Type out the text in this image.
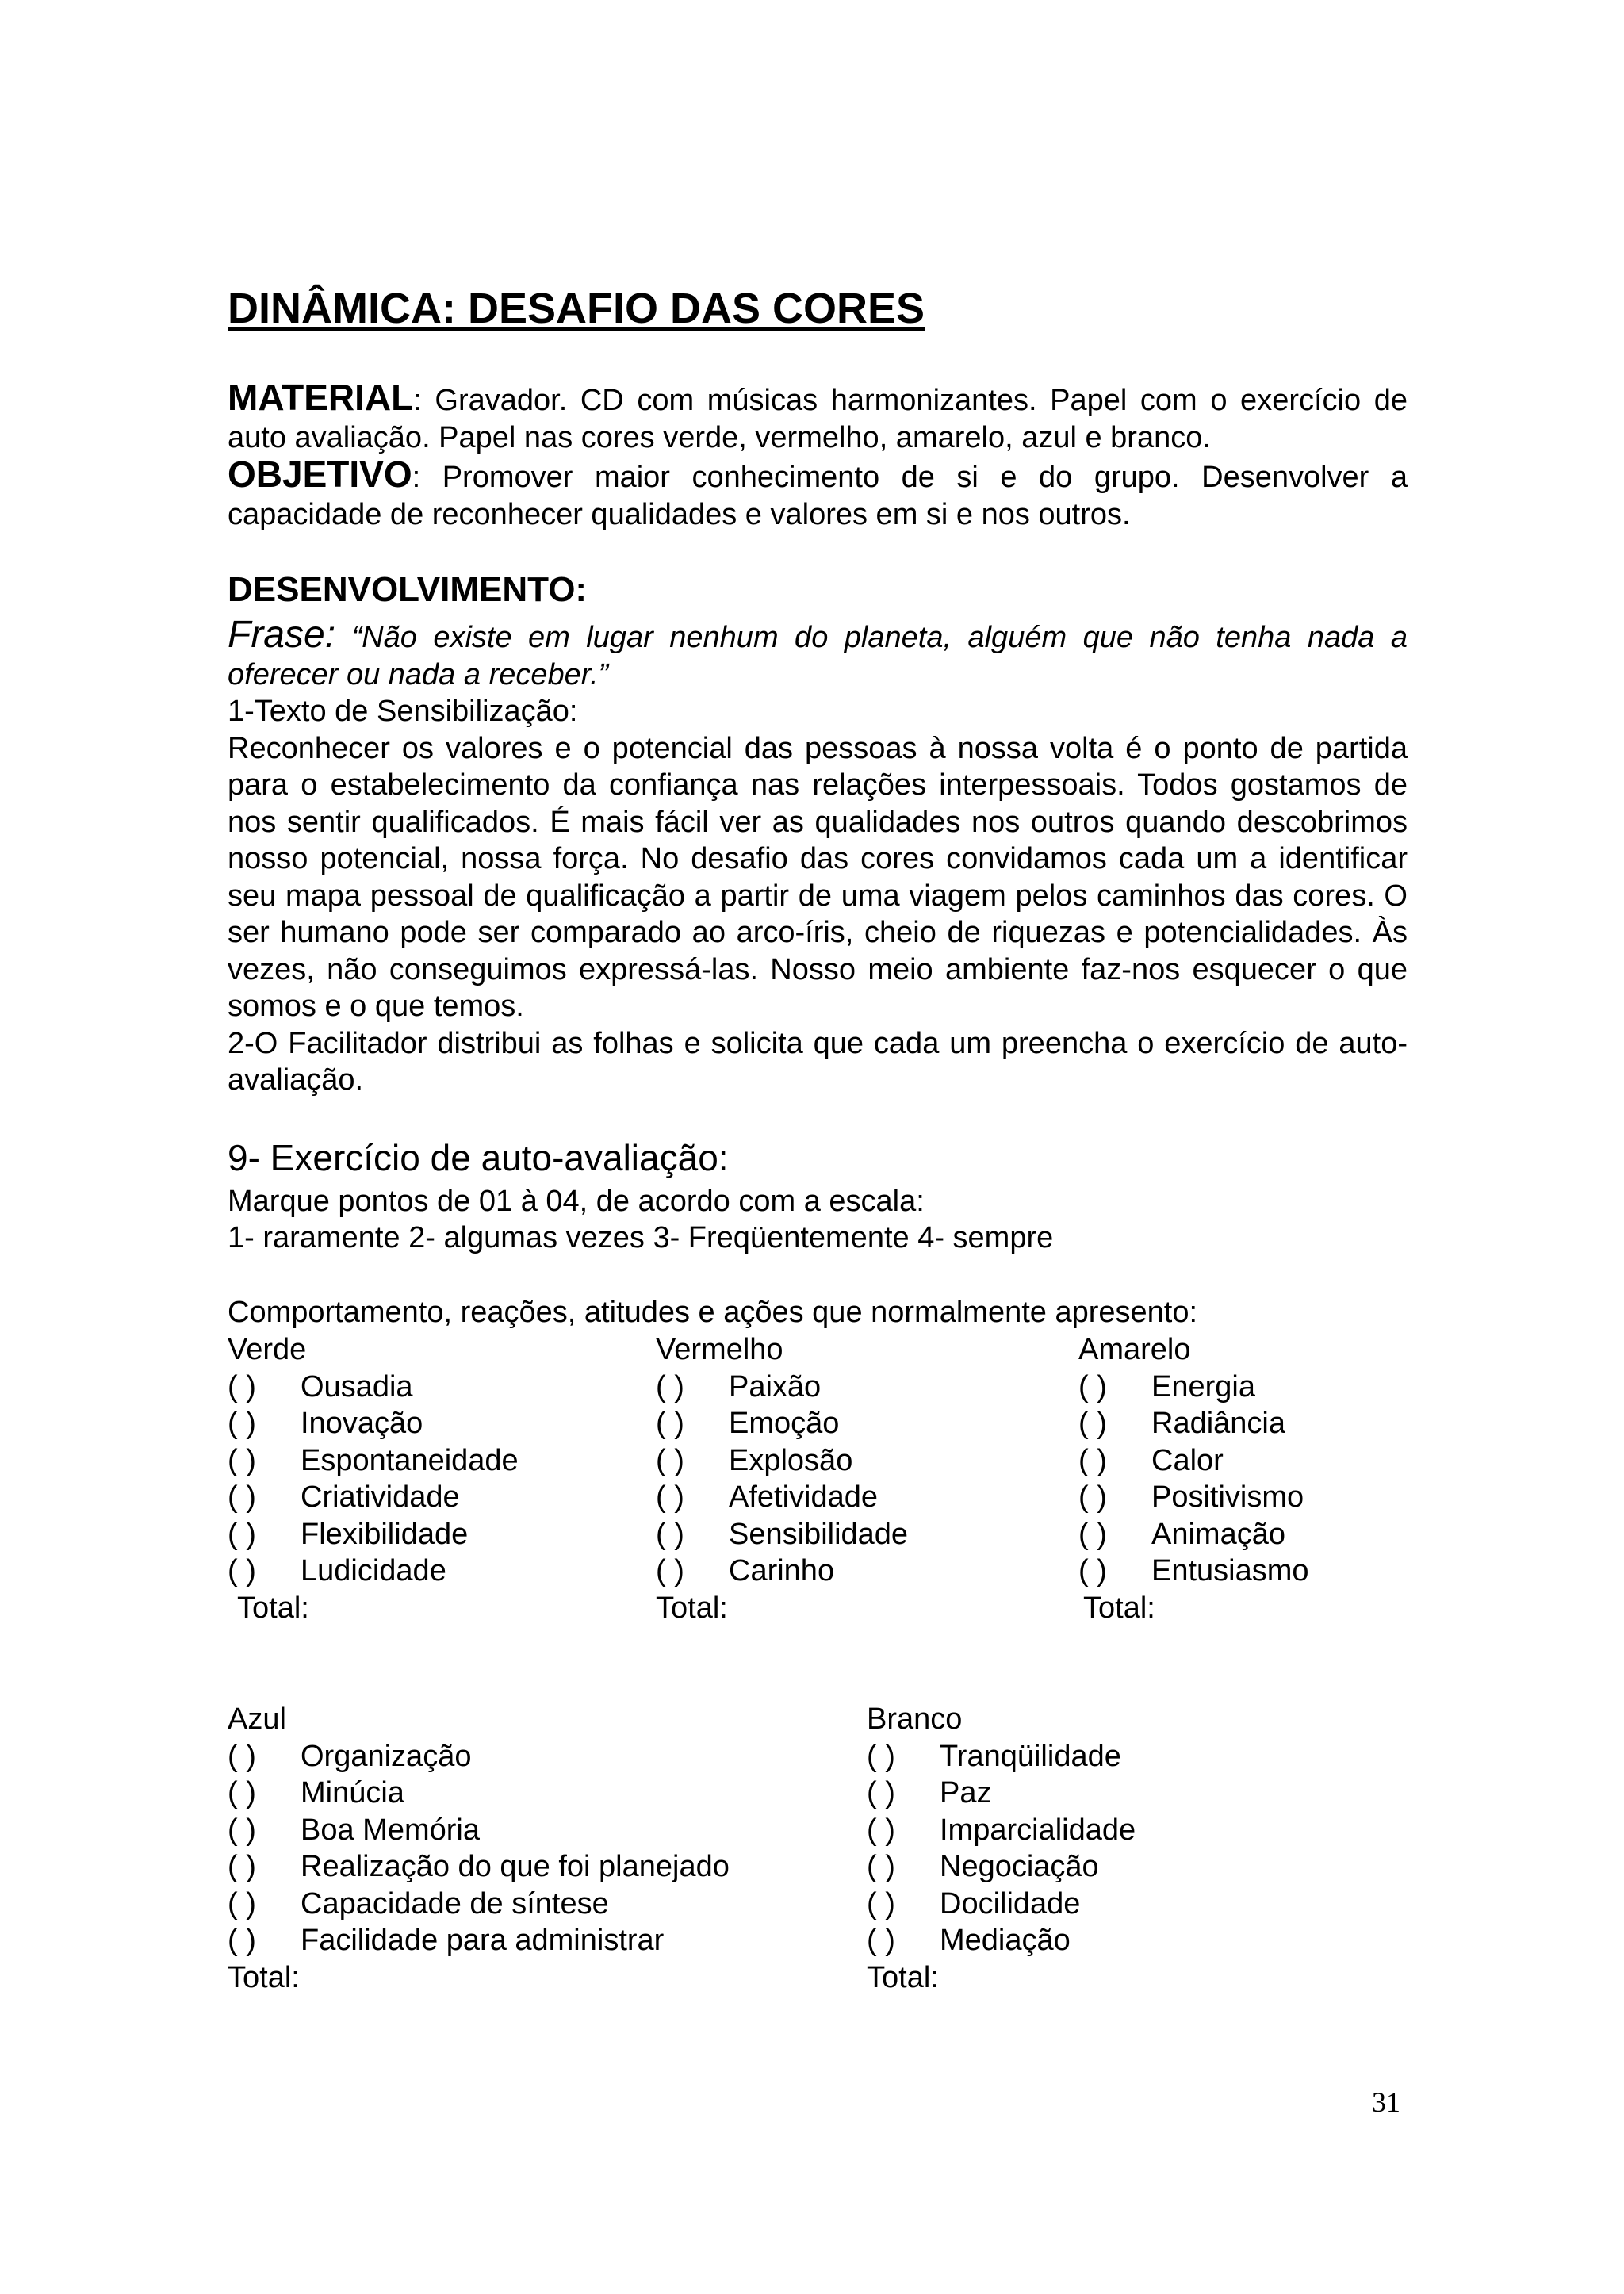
DINÂMICA: DESAFIO DAS CORES

MATERIAL: Gravador. CD com músicas harmonizantes. Papel com o exercício de auto avaliação. Papel nas cores verde, vermelho, amarelo, azul e branco.

OBJETIVO: Promover maior conhecimento de si e do grupo. Desenvolver a capacidade de reconhecer qualidades e valores em si e nos outros.

DESENVOLVIMENTO:

Frase: “Não existe em lugar nenhum do planeta, alguém que não tenha nada a oferecer ou nada a receber.”

1-Texto de Sensibilização:

Reconhecer os valores e o potencial das pessoas à nossa volta é o ponto de partida para o estabelecimento da confiança nas relações interpessoais. Todos gostamos de nos sentir qualificados. É mais fácil ver as qualidades nos outros quando descobrimos nosso potencial, nossa força. No desafio das cores convidamos cada um a identificar seu mapa pessoal de qualificação a partir de uma viagem pelos caminhos das cores. O ser humano pode ser comparado ao arco-íris, cheio de riquezas e potencialidades. Às vezes, não conseguimos expressá-las. Nosso meio ambiente faz-nos esquecer o que somos e o que temos.

2-O Facilitador distribui as folhas e solicita que cada um preencha o exercício de auto-avaliação.

9- Exercício de auto-avaliação:
Marque pontos de 01 à 04, de acordo com a escala:
1- raramente 2- algumas vezes 3- Freqüentemente 4- sempre
Comportamento, reações, atitudes e ações que normalmente apresento:

Verde

( ) Ousadia

( ) Inovação

( ) Espontaneidade

( ) Criatividade

( ) Flexibilidade

( ) Ludicidade

Total:

Vermelho

( ) Paixão

( ) Emoção

( ) Explosão

( ) Afetividade

( ) Sensibilidade

( ) Carinho

Total:

Amarelo

( ) Energia

( ) Radiância

( ) Calor

( ) Positivismo

( ) Animação

( ) Entusiasmo

Total:

Azul

( ) Organização

( ) Minúcia

( ) Boa Memória

( ) Realização do que foi planejado

( ) Capacidade de síntese

( ) Facilidade para administrar

Total:

Branco

( ) Tranqüilidade

( ) Paz

( ) Imparcialidade

( ) Negociação

( ) Docilidade

( ) Mediação

Total:

31
